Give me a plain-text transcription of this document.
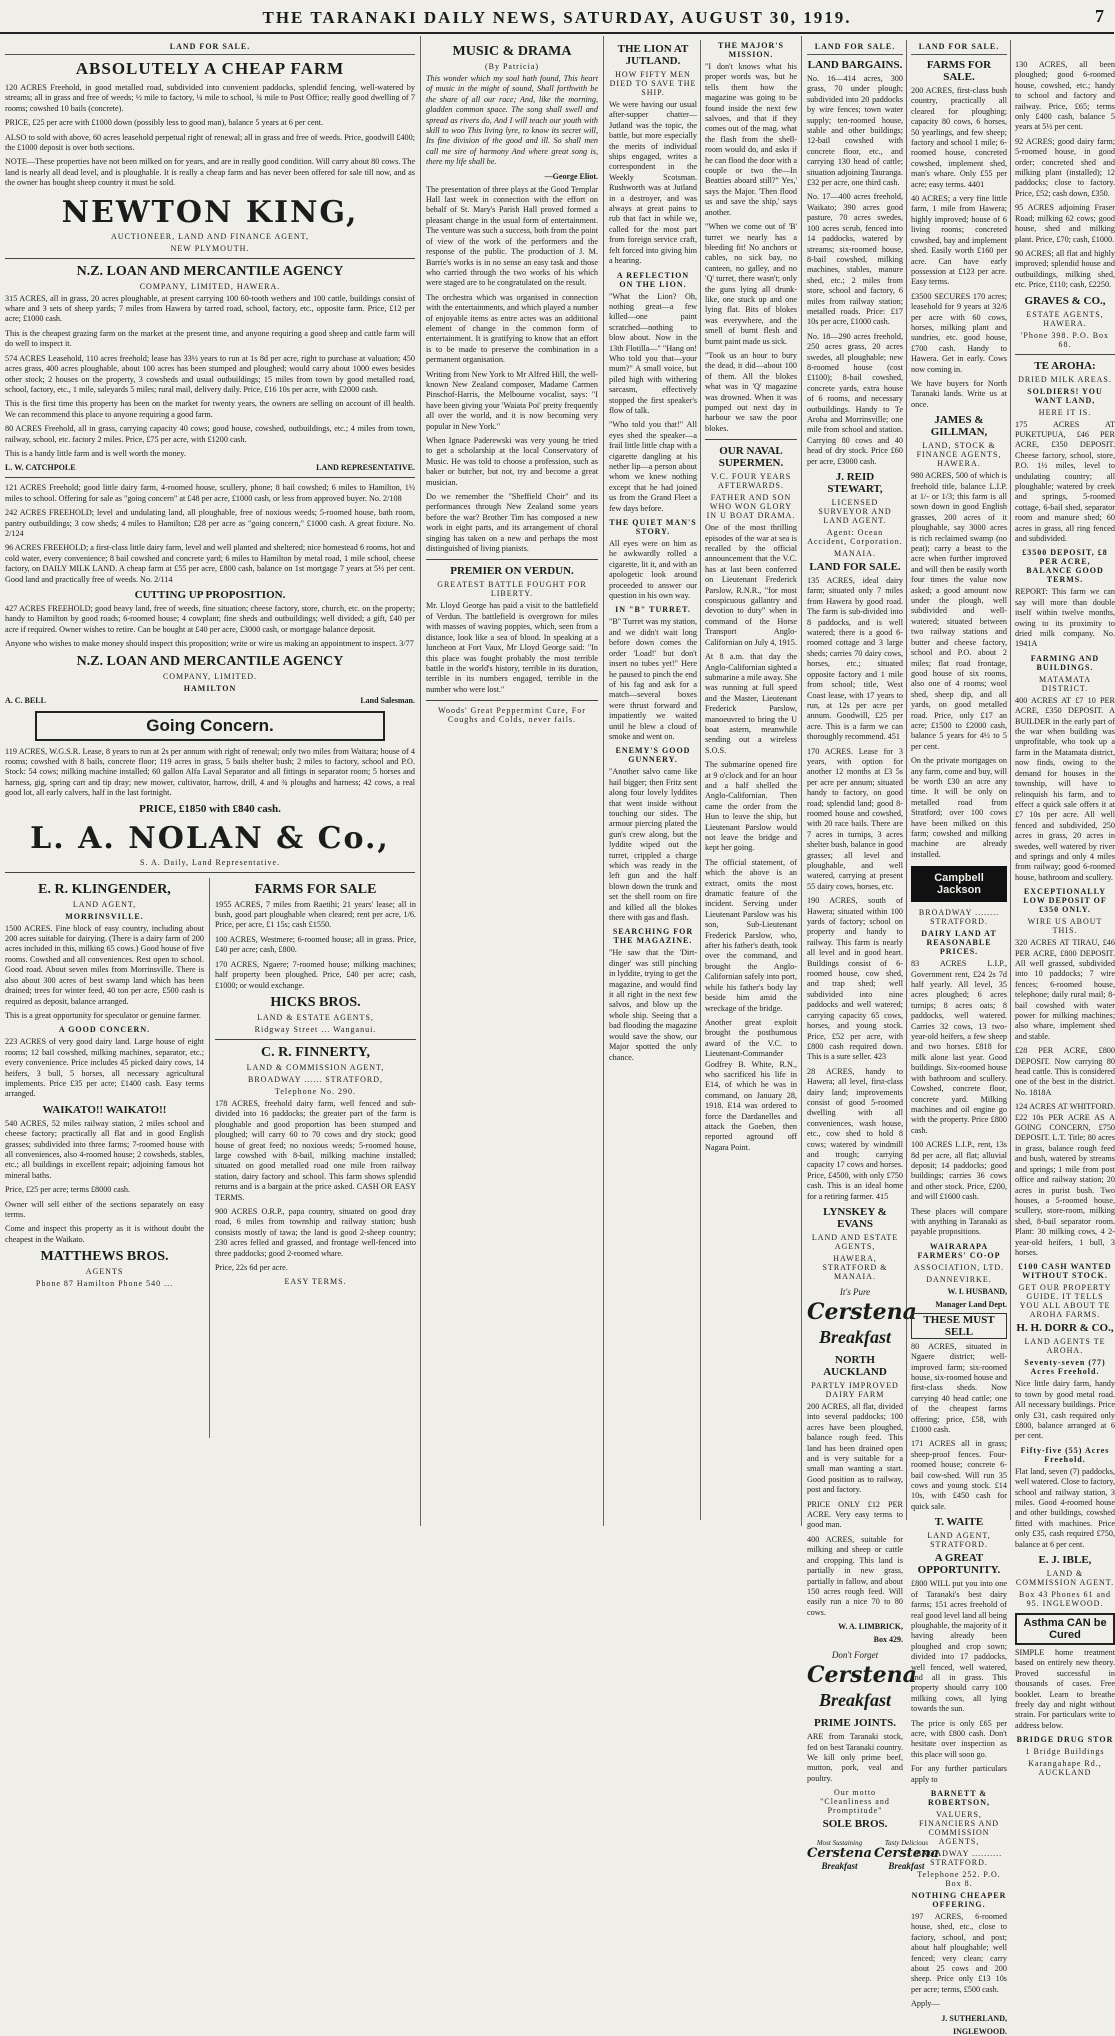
THE TARANAKI DAILY NEWS, SATURDAY, AUGUST 30, 1919.	7
LAND FOR SALE.
ABSOLUTELY A CHEAP FARM
120 ACRES Freehold, in good metalled road, subdivided into convenient paddocks, splendid fencing, well-watered by streams; all in grass and free of weeds; ½ mile to factory, ¼ mile to school, ¾ mile to Post Office; really good dwelling of 7 rooms; cowshed 10 bails (concrete).
PRICE, £25 per acre with £1000 down (possibly less to good man), balance 5 years at 6 per cent.
ALSO to sold with above, 60 acres leasehold perpetual right of renewal; all in grass and free of weeds. Price, goodwill £400; the £1000 deposit is over both sections.
NOTE—These properties have not been milked on for years, and are in really good condition. Will carry about 80 cows. The land is nearly all dead level, and is ploughable. It is really a cheap farm and has never been offered for sale till now, and as the owner has bought sheep country it must be sold.
NEWTON KING,
AUCTIONEER, LAND AND FINANCE AGENT,
NEW PLYMOUTH.
N.Z. LOAN AND MERCANTILE AGENCY
COMPANY, LIMITED, HAWERA.
315 ACRES, all in grass, 20 acres ploughable, at present carrying 100 60-tooth wethers and 100 cattle, buildings consist of whare and 3 sets of sheep yards; 7 miles from Hawera by tarred road, school, factory, etc., opposite farm. Price, £12 per acre; £1000 cash.
This is the cheapest grazing farm on the market at the present time, and anyone requiring a good sheep and cattle farm will do well to inspect it.
574 ACRES Leasehold, 110 acres freehold; lease has 33½ years to run at 1s 8d per acre, right to purchase at valuation; 450 acres grass, 400 acres ploughable, about 100 acres has been stumped and ploughed; would carry about 1000 ewes besides other stock; 2 houses on the property, 3 cowsheds and usual outbuildings; 15 miles from town by good metalled road, school, factory, etc., 1 mile, saleyards 5 miles; rural mail, delivery daily. Price, £16 10s per acre, with £2000 cash.
This is the first time this property has been on the market for twenty years, the owners are selling on account of ill health. We can recommend this place to anyone requiring a good farm.
80 ACRES Freehold, all in grass, carrying capacity 40 cows; good house, cowshed, outbuildings, etc.; 4 miles from town, railway, school, etc. factory 2 miles. Price, £75 per acre, with £1200 cash.
This is a handy little farm and is well worth the money.
L. W. CATCHPOLE	LAND REPRESENTATIVE.
121 ACRES Freehold; good little dairy farm, 4-roomed house, scullery, phone; 8 bail cowshed; 6 miles to Hamilton, 1½ miles to school. Offering for sale as "going concern" at £48 per acre, £1000 cash, or less from approved buyer. No. 2/108
242 ACRES FREEHOLD; level and undulating land, all ploughable, free of noxious weeds; 5-roomed house, bath room, pantry outbuildings; 3 cow sheds; 4 miles to Hamilton; £28 per acre as "going concern," £1000 cash. A great fixture. No. 2/124
96 ACRES FREEHOLD; a first-class little dairy farm, level and well planted and sheltered; nice homestead 6 rooms, hot and cold water, every convenience; 8 bail cowshed and concrete yard; 6 miles to Hamilton by metal road, 1 mile school, cheese factory, on DAILY MILK LAND. A cheap farm at £55 per acre, £800 cash, balance on 1st mortgage 7 years at 5½ per cent. Good land and practically free of weeds. No. 2/114
CUTTING UP PROPOSITION.
427 ACRES FREEHOLD; good heavy land, free of weeds, fine situation; cheese factory, store, church, etc. on the property; handy to Hamilton by good roads; 6-roomed house; 4 cowplant; fine sheds and outbuildings; well divided; a gift, £40 per acre if required. Owner wishes to retire. Can be bought at £40 per acre, £3000 cash, or mortgage balance deposit.
Anyone who wishes to make money should inspect this proposition; write or wire us making an appointment to inspect. 3/77
N.Z. LOAN AND MERCANTILE AGENCY
COMPANY, LIMITED.
HAMILTON
A. C. BELL	Land Salesman.
Going Concern.
119 ACRES, W.G.S.R. Lease, 8 years to run at 2s per annum with right of renewal; only two miles from Waitara; house of 4 rooms; cowshed with 8 bails, concrete floor; 119 acres in grass, 5 bails shelter bush; 2 miles to factory, school and P.O. Stock: 54 cows; milking machine installed; 60 gallon Alfa Laval Separator and all fittings in separator room; 5 horses and harness, gig, spring cart and tip dray; new mower, cultivator, harrow, drill, 4 and ¾ ploughs and harness; 42 cows, a real good lot, all early calvers, half in the last fortnight.
PRICE, £1850 with £840 cash.
L. A. NOLAN & Co.,
S. A. Daily, Land Representative.
E. R. KLINGENDER,
LAND AGENT,
MORRINSVILLE.
1500 ACRES. Fine block of easy country, including about 200 acres suitable for dairying. (There is a dairy farm of 200 acres included in this, milking 65 cows.) Good house of five rooms. Cowshed and all conveniences. Rest open to school. Good road. About seven miles from Morrinsville. There is also about 300 acres of best swamp land which has been drained; trees for winter feed, 40 ton per acre, £500 cash is required as deposit, balance arranged.
This is a great opportunity for speculator or genuine farmer.
A GOOD CONCERN.
223 ACRES of very good dairy land. Large house of eight rooms; 12 bail cowshed, milking machines, separator, etc.; every convenience. Price includes 45 picked dairy cows, 14 heifers, 3 bull, 5 horses, all necessary agricultural implements. Price £35 per acre; £1400 cash. Easy terms arranged.
WAIKATO!! WAIKATO!!
540 ACRES, 52 miles railway station, 2 miles school and cheese factory; practically all flat and in good English grasses; subdivided into three farms; 7-roomed house with all conveniences, also 4-roomed house; 2 cowsheds, stables, etc.; all buildings in excellent repair; adjoining famous hot mineral baths.
Price, £25 per acre; terms £8000 cash.
Owner will sell either of the sections separately on easy terms.
Come and inspect this property as it is without doubt the cheapest in the Waikato.
MATTHEWS BROS.
AGENTS
Phone 87 Hamilton Phone 540 ...
FARMS FOR SALE
1955 ACRES, 7 miles from Raetihi; 21 years' lease; all in bush, good part ploughable when cleared; rent per acre, 1/6. Price, per acre, £1 15s; cash £1550.
100 ACRES, Westmere; 6-roomed house; all in grass. Price, £40 per acre; cash, £800.
170 ACRES, Ngaere; 7-roomed house; milking machines; half property been ploughed. Price, £40 per acre; cash, £1000; or would exchange.
HICKS BROS.
LAND & ESTATE AGENTS,
Ridgway Street ... Wanganui.
C. R. FINNERTY,
LAND & COMMISSION AGENT,
BROADWAY ...... STRATFORD,
Telephone No. 290.
178 ACRES, freehold dairy farm, well fenced and sub-divided into 16 paddocks; the greater part of the farm is ploughable and good proportion has been stumped and ploughed; will carry 60 to 70 cows and dry stock; good house of great feed; no noxious weeds; 5-roomed house, large cowshed with 8-bail, milking machine installed; situated on good metalled road one mile from railway station, dairy factory and school. This farm shows splendid returns and is a bargain at the price asked. CASH OR EASY TERMS.
900 ACRES O.R.P., papa country, situated on good dray road, 6 miles from township and railway station; bush consists mostly of tawa; the land is good 2-sheep country; 230 acres felled and grassed, and frontage well-fenced into three paddocks; good 2-roomed whare.
Price, 22s 6d per acre.
EASY TERMS.
MUSIC & DRAMA
(By Patricia)
This wonder which my soul hath found, This heart of music in the might of sound, Shall forthwith be the share of all our race; And, like the morning, gladden common space. The song shall swell and spread as rivers do, And I will teach our youth with skill to woo This living lyre, to know its secret will, Its fine division of the good and ill. So shall men call me sire of harmony And where great song is, there my life shall be.
—George Eliot.
The presentation of three plays at the Good Templar Hall last week in connection with the effort on behalf of St. Mary's Parish Hall proved formed a pleasant change in the usual form of entertainment. The venture was such a success, both from the point of view of the work of the performers and the response of the public. The production of J. M. Barrie's works is in no sense an easy task and those who carried through the two works of his which were staged are to be congratulated on the result.
The orchestra which was organised in connection with the entertainments, and which played a number of enjoyable items as entre actes was an additional element of change in the common form of entertainment. It is gratifying to know that an effort is to be made to preserve the combination in a permanent organisation.
Writing from New York to Mr Alfred Hill, the well-known New Zealand composer, Madame Carmen Pinschof-Harris, the Melbourne vocalist, says: "I have been giving your 'Waiata Poi' pretty frequently all over the world, and it is now becoming very popular in New York."
When Ignace Paderewski was very young he tried to get a scholarship at the local Conservatory of Music. He was told to choose a profession, such as baker or butcher, but not, try and become a great musician.
Do we remember the "Sheffield Choir" and its performances through New Zealand some years before the war? Brother Tim has composed a new work in eight parts, and its arrangement of choral singing has taken on a new and perhaps the most distinguished of living pianists.
PREMIER ON VERDUN.
GREATEST BATTLE FOUGHT FOR LIBERTY.
Mr. Lloyd George has paid a visit to the battlefield of Verdun. The battlefield is overgrown for miles with masses of waving poppies, which, seen from a distance, look like a sea of blood. In speaking at a luncheon at Fort Vaux, Mr Lloyd George said: "In this place was fought probably the most terrible battle in the world's history, terrible in its duration, terrible in its numbers engaged, terrible in the number who were lost."
Woods' Great Peppermint Cure, For Coughs and Colds, never fails.
THE LION AT JUTLAND.
HOW FIFTY MEN DIED TO SAVE THE SHIP.
We were having our usual after-supper chatter—Jutland was the topic, the battle, but more especially the merits of individual ships engaged, writes a correspondent in the Weekly Scotsman. Rushworth was at Jutland in a destroyer, and was always at great pains to rub that fact in while we, called for the most part from foreign service craft, felt forced into giving him a hearing.
A REFLECTION ON THE LION.
"What the Lion? Oh, nothing great—a few killed—one paint scratched—nothing to blow about. Now in the 13th Flotilla—" "Hang on! Who told you that—your mum?" A small voice, but piled high with withering sarcasm, effectively stopped the first speaker's flow of talk.
"Who told you that!" All eyes shed the speaker—a frail little little chap with a cigarette dangling at his nether lip—a person about whom we knew nothing except that he had joined us from the Grand Fleet a few days before.
THE QUIET MAN'S STORY.
All eyes were on him as he awkwardly rolled a cigarette, lit it, and with an apologetic look around proceeded to answer our question in his own way.
IN "B" TURRET.
"B" Turret was my station, and we didn't wait long before down comes the order 'Load!' but don't insert no tubes yet!" Here he paused to pinch the end of his fag and ask for a match—several boxes were thrust forward and impatiently we waited until he blew a cloud of smoke and went on.
ENEMY'S GOOD GUNNERY.
"Another salvo came like hail bigger; then Fritz sent along four lovely lyddites that went inside without touching our sides. The armour piercing plated the gun's crew along, but the lyddite wiped out the turret, crippled a charge which was ready in the left gun and the half blown down the trunk and set the shell room on fire and killed all the blokes there with gas and flash.
SEARCHING FOR THE MAGAZINE.
"He saw that the 'Dirt-dinger' was still pinching in lyddite, trying to get the magazine, and would find it all right in the next few salvos, and blow up the whole ship. Seeing that a bad flooding the magazine would save the show, our Major spotted the only chance.
THE MAJOR'S MISSION.
"I don't knows what his proper words was, but he tells them how the magazine was going to be found inside the next few salvoes, and that if they comes out of the mag. what the flash from the shell-room would do, and asks if he can flood the door with a couple or two the—In Beatties aboard still?" Yes,' says the Major. 'Then flood us and save the ship,' says another.
"When we come out of 'B' turret we nearly has a bleeding fit! No anchors or cables, no sick bay, no canteen, no galley, and no 'Q' turret, there wasn't; only the guns lying all drunk-like, one stuck up and one lying flat. Bits of blokes was everywhere, and the smell of burnt flesh and burnt paint made us sick.
"Took us an hour to bury the dead, it did—about 100 of them. All the blokes what was in 'Q' magazine was drowned. When it was pumped out next day in harbour we saw the poor blokes.
OUR NAVAL SUPERMEN.
V.C. FOUR YEARS AFTERWARDS.
FATHER AND SON WHO WON GLORY IN U BOAT DRAMA.
One of the most thrilling episodes of the war at sea is recalled by the official announcement that the V.C. has at last been conferred on Lieutenant Frederick Parslow, R.N.R., "for most conspicuous gallantry and devotion to duty" when in command of the Horse Transport Anglo-Californian on July 4, 1915.
At 8 a.m. that day the Anglo-Californian sighted a submarine a mile away. She was running at full speed and the Master, Lieutenant Frederick Parslow, manoeuvred to bring the U boat astern, meanwhile sending out a wireless S.O.S.
The submarine opened fire at 9 o'clock and for an hour and a half shelled the Anglo-Californian. Then came the order from the Hun to leave the ship, but Lieutenant Parslow would not leave the bridge and kept her going.
The official statement, of which the above is an extract, omits the most dramatic feature of the incident. Serving under Lieutenant Parslow was his son, Sub-Lieutenant Frederick Parslow, who, after his father's death, took over the command, and brought the Anglo-Californian safely into port, while his father's body lay beside him amid the wreckage of the bridge.
Another great exploit brought the posthumous award of the V.C. to Lieutenant-Commander Godfrey B. White, R.N., who sacrificed his life in E14, of which he was in command, on January 28, 1918. E14 was ordered to force the Dardanelles and attack the Goeben, then reported aground off Nagara Point.
LAND FOR SALE.
LAND BARGAINS.
No. 16—414 acres, 300 grass, 70 under plough; subdivided into 20 paddocks by wire fences; town water supply; ten-roomed house, stable and other buildings; 12-bail cowshed with concrete floor, etc., and carrying 130 head of cattle; situation adjoining Tauranga. £32 per acre, one third cash.
No. 17—400 acres freehold, Waikato; 390 acres good pasture, 70 acres swedes, 100 acres scrub, fenced into 14 paddocks, watered by streams; six-roomed house, 8-bail cowshed, milking machines, stables, manure shed, etc.; 2 miles from store, school and factory, 6 miles from railway station; metalled roads. Price: £17 10s per acre, £1000 cash.
No. 18—290 acres freehold, 250 acres grass, 20 acres swedes, all ploughable; new 8-roomed house (cost £1100); 8-bail cowshed, concrete yards, extra house of 6 rooms, and necessary outbuildings. Handy to Te Aroha and Morrinsville; one mile from school and station. Carrying 80 cows and 40 head of dry stock. Price £60 per acre, £3000 cash.
J. REID STEWART,
LICENSED SURVEYOR AND LAND AGENT.
Agent: Ocean Accident, Corporation.
MANAIA.
LAND FOR SALE.
135 ACRES, ideal dairy farm; situated only 7 miles from Hawera by good road. The farm is sub-divided into 8 paddocks, and is well watered; there is a good 6-roomed cottage and 3 large sheds; carries 70 dairy cows, horses, etc.; situated opposite factory and 1 mile from school; title, West Coast lease, with 17 years to run, at 12s per acre per annum. Goodwill, £25 per acre. This is a farm we can thoroughly recommend. 451
170 ACRES. Lease for 3 years, with option for another 12 months at £3 5s per acre per annum; situated handy to factory, on good road; splendid land; good 8-roomed house and cowshed, with 20 race bails. There are 7 acres in turnips, 3 acres shelter bush, balance in good grasses; all level and ploughable, and well watered, carrying at present 55 dairy cows, horses, etc.
190 ACRES, south of Hawera; situated within 100 yards of factory; school on property and handy to railway. This farm is nearly all level and in good heart. Buildings consist of 6-roomed house, cow shed, and trap shed; well subdivided into nine paddocks and well watered; carrying capacity 65 cows, horses, and young stock. Price, £52 per acre, with £800 cash required down. This is a sure seller. 423
28 ACRES, handy to Hawera; all level, first-class dairy land; improvements consist of good 5-roomed dwelling with all conveniences, wash house, etc., cow shed to hold 8 cows; watered by windmill and trough; carrying capacity 17 cows and horses. Price, £4500, with only £750 cash. This is an ideal home for a retiring farmer. 415
LYNSKEY & EVANS
LAND AND ESTATE AGENTS,
HAWERA, STRATFORD & MANAIA.
It's Pure
Cerstena
Breakfast
NORTH AUCKLAND
PARTLY IMPROVED DAIRY FARM
200 ACRES, all flat, divided into several paddocks; 100 acres have been ploughed, balance rough feed. This land has been drained open and is very suitable for a small man wanting a start. Good position as to railway, post and factory.
PRICE ONLY £12 PER ACRE. Very easy terms to good man.
400 ACRES, suitable for milking and sheep or cattle and cropping. This land is partially in new grass, partially in fallow, and about 150 acres rough feed. Will easily run a nice 70 to 80 cows.
W. A. LIMBRICK,
Box 429.
Don't Forget
Cerstena
Breakfast
PRIME JOINTS.
ARE from Taranaki stock, fed on best Taranaki country. We kill only prime beef, mutton, pork, veal and poultry.
Our motto "Cleanliness and Promptitude"
SOLE BROS.
Most Sustaining
Cerstena
Breakfast
Tasty Delicious
Cerstena
Breakfast
LAND FOR SALE.
FARMS FOR SALE.
200 ACRES, first-class bush country, practically all cleared for ploughing; capacity 80 cows, 6 horses, 50 yearlings, and few sheep; factory and school 1 mile; 6-roomed house, concreted cowshed, implement shed, man's whare. Only £55 per acre; easy terms. 4401
40 ACRES; a very fine little farm, 1 mile from Hawera; highly improved; house of 6 living rooms; concreted cowshed, bay and implement shed. Easily worth £160 per acre. Can have early possession at £123 per acre. Easy terms.
£3500 SECURES 170 acres; leasehold for 9 years at 32/6 per acre with 60 cows, horses, milking plant and sundries, etc. good house, £700 cash. Handy to Hawera. Get in early. Cows now coming in.
We have buyers for North Taranaki lands. Write us at once.
JAMES & GILLMAN,
LAND, STOCK & FINANCE AGENTS, HAWERA.
980 ACRES, 500 of which is freehold title, balance L.I.P. at 1/- or 1/3; this farm is all sown down in good English grasses, 200 acres of it ploughable, say 3000 acres is rich reclaimed swamp (no peat); carry a beast to the acre when further improved and will then be easily worth four times the value now asked; a good amount now under the plough, well subdivided and well-watered; situated between two railway stations and butter and cheese factory, school and P.O. about 2 miles; flat road frontage, good house of six rooms, also one of 4 rooms; wool shed, sheep dip, and all yards, on good metalled road. Price, only £17 an acre; £1500 to £2000 cash, balance 5 years for 4½ to 5 per cent.
On the private mortgages on any farm, come and buy, will be worth £30 an acre any time. It will be only on metalled road from Stratford; over 100 cows have been milked on this farm; cowshed and milking machine are already installed.
Campbell Jackson
BROADWAY ........ STRATFORD.
DAIRY LAND AT REASONABLE PRICES.
83 ACRES L.I.P., Government rent, £24 2s 7d half yearly. All level, 35 acres ploughed; 6 acres turnips; 8 acres oats; 8 paddocks, well watered. Carries 32 cows, 13 two-year-old heifers, a few sheep and two horses. £818 for milk alone last year. Good buildings. Six-roomed house with bathroom and scullery. Cowshed, concrete floor, concrete yard. Milking machines and oil engine go with the property. Price £800 cash.
100 ACRES L.I.P., rent, 13s 8d per acre, all flat; alluvial deposit; 14 paddocks; good buildings; carries 36 cows and other stock. Price, £200, and will £1600 cash.
These places will compare with anything in Taranaki as payable propositions.
WAIRARAPA FARMERS' CO-OP
ASSOCIATION, LTD.
DANNEVIRKE.
W. I. HUSBAND,
Manager Land Dept.
THESE MUST SELL
80 ACRES, situated in Ngaere district; well-improved farm; six-roomed house, six-roomed house and first-class sheds. Now carrying 40 head cattle; one of the cheapest farms offering; price, £58, with £1000 cash.
171 ACRES all in grass; sheep-proof fences. Four-roomed house; concrete 6-bail cow-shed. Will run 35 cows and young stock. £14 10s, with £450 cash for quick sale.
T. WAITE
LAND AGENT, STRATFORD.
A GREAT OPPORTUNITY.
£800 WILL put you into one of Taranaki's best dairy farms; 151 acres freehold of real good level land all being ploughable, the majority of it having already been ploughed and crop sown; divided into 17 paddocks, well fenced, well watered, and all in grass. This property should carry 100 milking cows, all lying towards the sun.
The price is only £65 per acre, with £800 cash. Don't hesitate over inspection as this place will soon go.
For any further particulars apply to
BARNETT & ROBERTSON,
VALUERS, FINANCIERS AND COMMISSION AGENTS,
BROADWAY .......... STRATFORD.
Telephone 252. P.O. Box 8.
NOTHING CHEAPER OFFERING.
197 ACRES, 6-roomed house, shed, etc., close to factory, school, and post; about half ploughable; well fenced; very clean; carry about 25 cows and 200 sheep. Price only £13 10s per acre; terms, £500 cash.
Apply—
J. SUTHERLAND,
INGLEWOOD.
130 ACRES, all been ploughed; good 6-roomed house, cowshed, etc.; handy to school and factory and railway. Price, £65; terms only £400 cash, balance 5 years at 5½ per cent.
92 ACRES; good dairy farm; 5-roomed house, in good order; concreted shed and milking plant (installed); 12 paddocks; close to factory. Price, £52; cash down, £350.
95 ACRES adjoining Fraser Road; milking 62 cows; good house, shed and milking plant. Price, £70; cash, £1000.
90 ACRES; all flat and highly improved; splendid house and outbuildings, milking shed, etc. Price, £110; cash, £2250.
GRAVES & CO.,
ESTATE AGENTS, HAWERA.
'Phone 398. P.O. Box 68.
TE AROHA:
DRIED MILK AREAS.
SOLDIERS! YOU WANT LAND,
HERE IT IS.
175 ACRES AT PUKETUPUA, £46 PER ACRE, £350 DEPOSIT. Cheese factory, school, store, P.O. 1½ miles, level to undulating country; all ploughable; watered by creek and springs, 5-roomed cottage, 6-bail shed, separator room and manure shed; 60 acres in grass, all ring fenced and subdivided.
£3500 DEPOSIT, £8 PER ACRE, BALANCE GOOD TERMS.
REPORT: This farm we can say will more than double itself within twelve months, owing to its proximity to dried milk company. No. 1941A
FARMING AND BUILDINGS.
MATAMATA DISTRICT.
400 ACRES AT £7 10 PER ACRE, £350 DEPOSIT. A BUILDER in the early part of the war when building was unprofitable, who took up a farm in the Matamata district, now finds, owing to the demand for houses in the township, will have to relinquish his farm, and to effect a quick sale offers it at £7 10s per acre. All well fenced and subdivided, 250 acres in grass, 20 acres in swedes, well watered by river and springs and only 4 miles from railway; good 6-roomed house, bathroom and scullery.
EXCEPTIONALLY LOW DEPOSIT OF £350 ONLY.
WIRE US ABOUT THIS.
320 ACRES AT TIRAU, £46 PER ACRE, £800 DEPOSIT. All well grassed, subdivided into 10 paddocks; 7 wire fences; 6-roomed house, telephone; daily rural mail; 8-bail cowshed with water power for milking machines; also whare, implement shed and stable.
£28 PER ACRE, £800 DEPOSIT. Now carrying 80 head cattle. This is considered one of the best in the district. No. 1818A
124 ACRES AT WHITFORD. £22 10s PER ACRE AS A GOING CONCERN, £750 DEPOSIT. L.T. Title; 80 acres in grass, balance rough feed and bush, watered by streams and springs; 1 mile from post office and railway station; 20 acres in purist bush. Two houses, a 5-roomed house, scullery, store-room, milking shed, 8-bail separator room. Plant: 30 milking cows, 4 2-year-old heifers, 1 bull, 3 horses.
£100 CASH WANTED WITHOUT STOCK.
GET OUR PROPERTY GUIDE. IT TELLS YOU ALL ABOUT TE AROHA FARMS.
H. H. DORR & CO.,
LAND AGENTS TE AROHA.
Seventy-seven (77) Acres Freehold.
Nice little dairy farm, handy to town by good metal road. All necessary buildings. Price only £31, cash required only £800, balance arranged at 6 per cent.
Fifty-five (55) Acres Freehold.
Flat land, seven (7) paddocks, well watered. Close to factory, school and railway station, 3 miles. Good 4-roomed house and other buildings, cowshed fitted with machines. Price only £35, cash required £750, balance at 6 per cent.
E. J. IBLE,
LAND & COMMISSION AGENT.
Box 43 Phones 61 and 95. INGLEWOOD.
Asthma CAN be Cured
SIMPLE home treatment based on entirely new theory. Proved successful in thousands of cases. Free booklet. Learn to breathe freely day and night without strain. For particulars write to address below.
BRIDGE DRUG STOR
1 Bridge Buildings
Karangahape Rd., AUCKLAND
